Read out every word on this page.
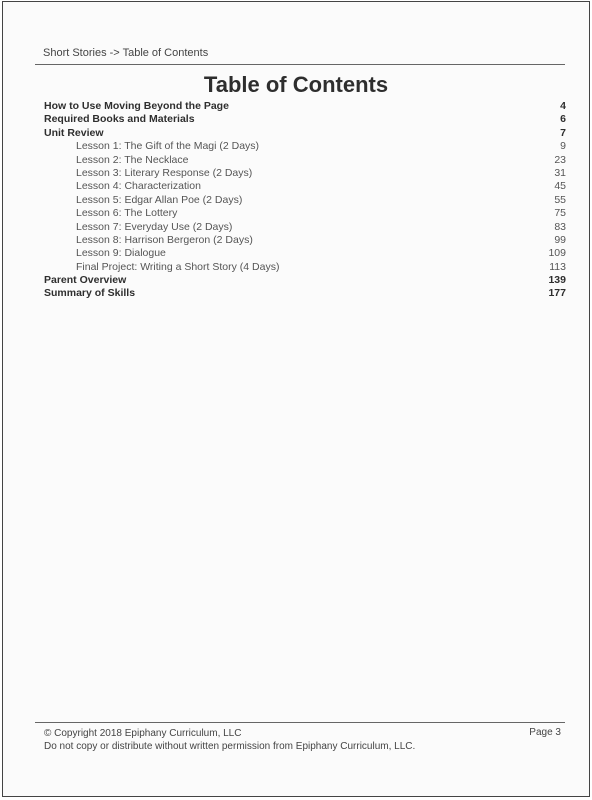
Short Stories -> Table of Contents
Table of Contents
How to Use Moving Beyond the Page	4
Required Books and Materials	6
Unit Review	7
Lesson 1: The Gift of the Magi (2 Days)	9
Lesson 2: The Necklace	23
Lesson 3: Literary Response (2 Days)	31
Lesson 4: Characterization	45
Lesson 5: Edgar Allan Poe (2 Days)	55
Lesson 6: The Lottery	75
Lesson 7: Everyday Use (2 Days)	83
Lesson 8: Harrison Bergeron (2 Days)	99
Lesson 9: Dialogue	109
Final Project: Writing a Short Story (4 Days)	113
Parent Overview	139
Summary of Skills	177
© Copyright 2018 Epiphany Curriculum, LLC
Do not copy or distribute without written permission from Epiphany Curriculum, LLC.
Page 3
